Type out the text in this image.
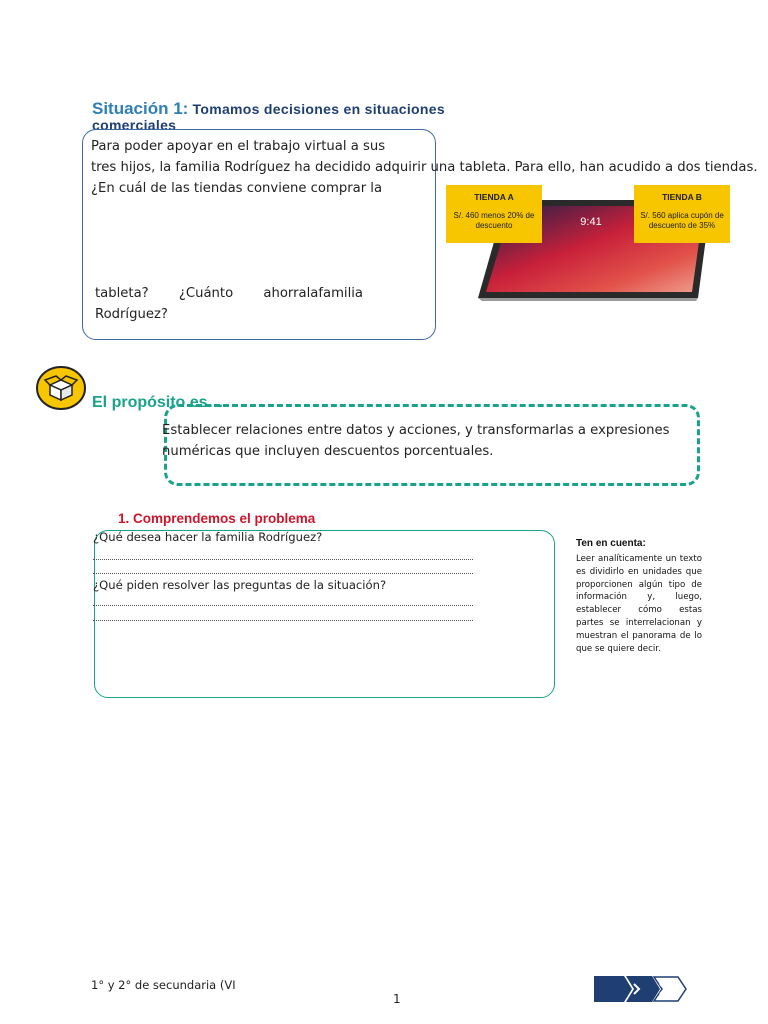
Situación 1: Tomamos decisiones en situaciones comerciales
Para poder apoyar en el trabajo virtual a sus
tres hijos, la familia Rodríguez ha decidido adquirir una tableta. Para ello, han acudido a dos tiendas.
¿En cuál de las tiendas conviene comprar la
tableta? ¿Cuánto ahorralafamilia
Rodríguez?
9:41
TIENDA A
S/. 460 menos 20% de descuento
TIENDA B
S/. 560 aplica cupón de descuento de 35%
El propósito es…
Establecer relaciones entre datos y acciones, y transformarlas a expresiones numéricas que incluyen descuentos porcentuales.
1. Comprendemos el problema
¿Qué desea hacer la familia Rodríguez?
¿Qué piden resolver las preguntas de la situación?
Ten en cuenta:
Leer analíticamente un texto es dividirlo en unidades que proporcionen algún tipo de información y, luego, establecer cómo estas partes se interrelacionan y muestran el panorama de lo que se quiere decir.
1° y 2° de secundaria (VI
1
